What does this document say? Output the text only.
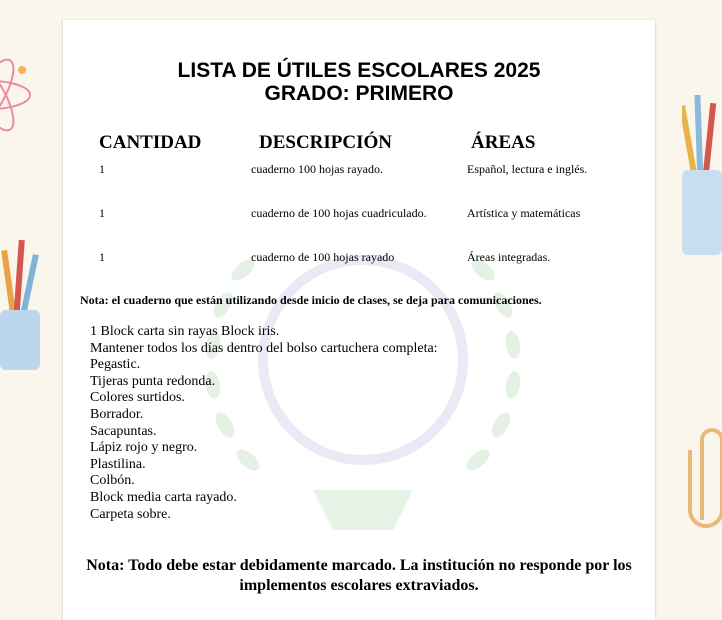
LISTA DE ÚTILES ESCOLARES 2025
GRADO: PRIMERO
CANTIDAD	DESCRIPCIÓN	ÁREAS
1	cuaderno 100 hojas rayado.	Español, lectura e inglés.
1	cuaderno de 100 hojas cuadriculado.	Artística y matemáticas
1	cuaderno de 100 hojas rayado	Áreas integradas.
Nota: el cuaderno que están utilizando desde inicio de clases, se deja para comunicaciones.
1 Block carta sin rayas Block iris.
Mantener todos los días dentro del bolso cartuchera completa:
Pegastic.
Tijeras punta redonda.
Colores surtidos.
Borrador.
Sacapuntas.
Lápiz rojo y negro.
Plastilina.
Colbón.
Block media carta rayado.
Carpeta sobre.
Nota: Todo debe estar debidamente marcado. La institución no responde por los implementos escolares extraviados.
